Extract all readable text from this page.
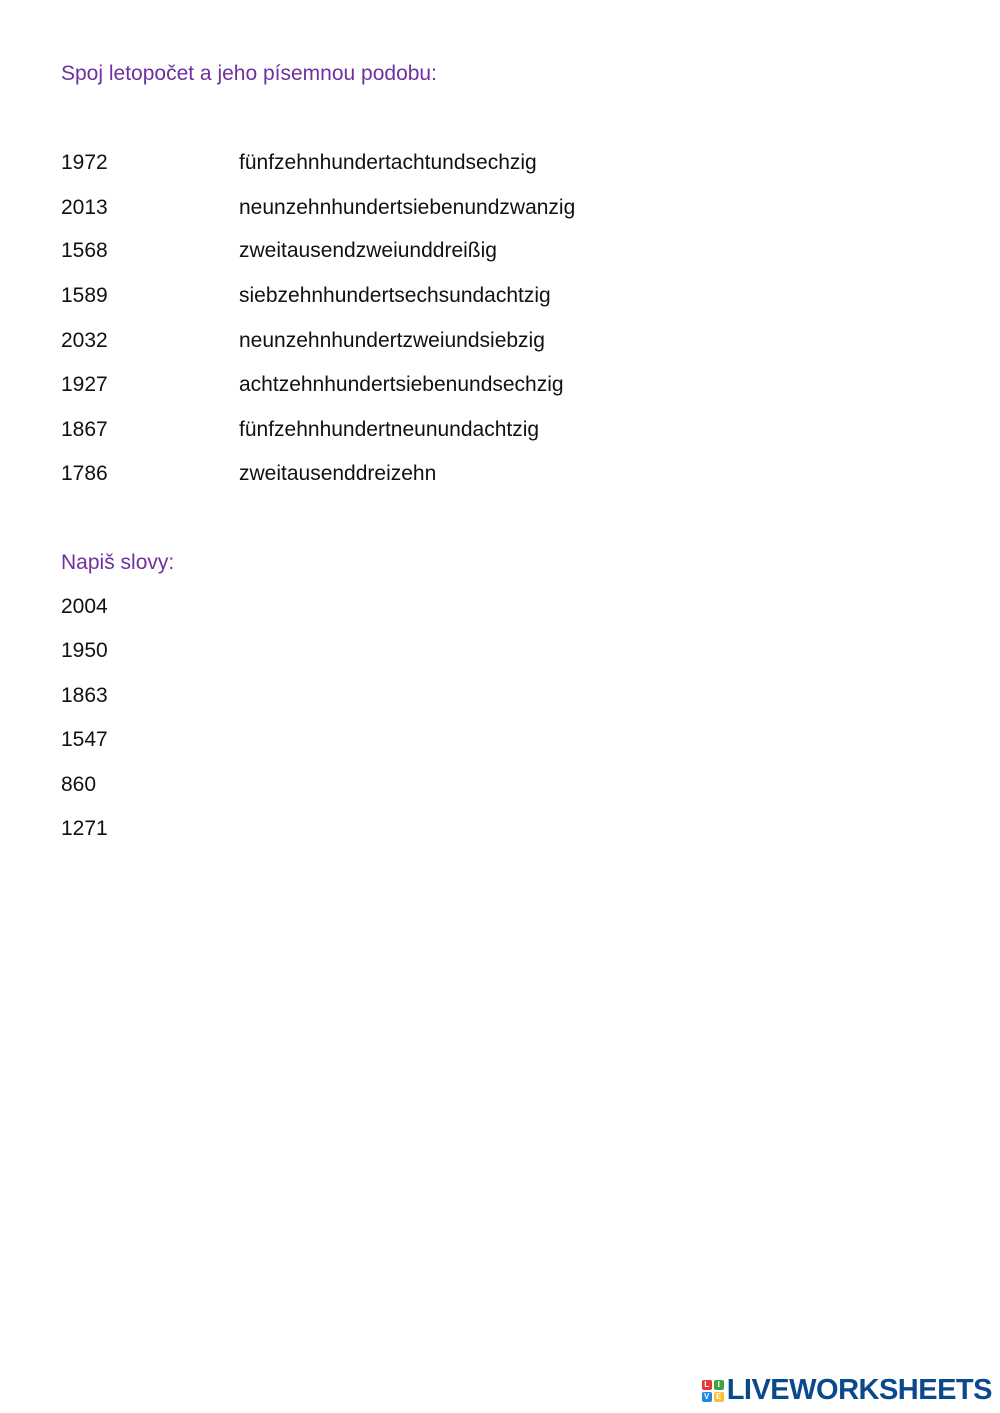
Spoj letopočet a jeho písemnou podobu:
1972	fünfzehnhundertachtundsechzig
2013	neunzehnhundertsiebenundzwanzig
1568	zweitausendzweiunddreißig
1589	siebzehnhundertsechsundachtzig
2032	neunzehnhundertzweiundsiebzig
1927	achtzehnhundertsiebenundsechzig
1867	fünfzehnhundertneunundachtzig
1786	zweitausenddreizehn
Napiš slovy:
2004
1950
1863
1547
860
1271
L	I
V E LIVEWORKSHEETS
